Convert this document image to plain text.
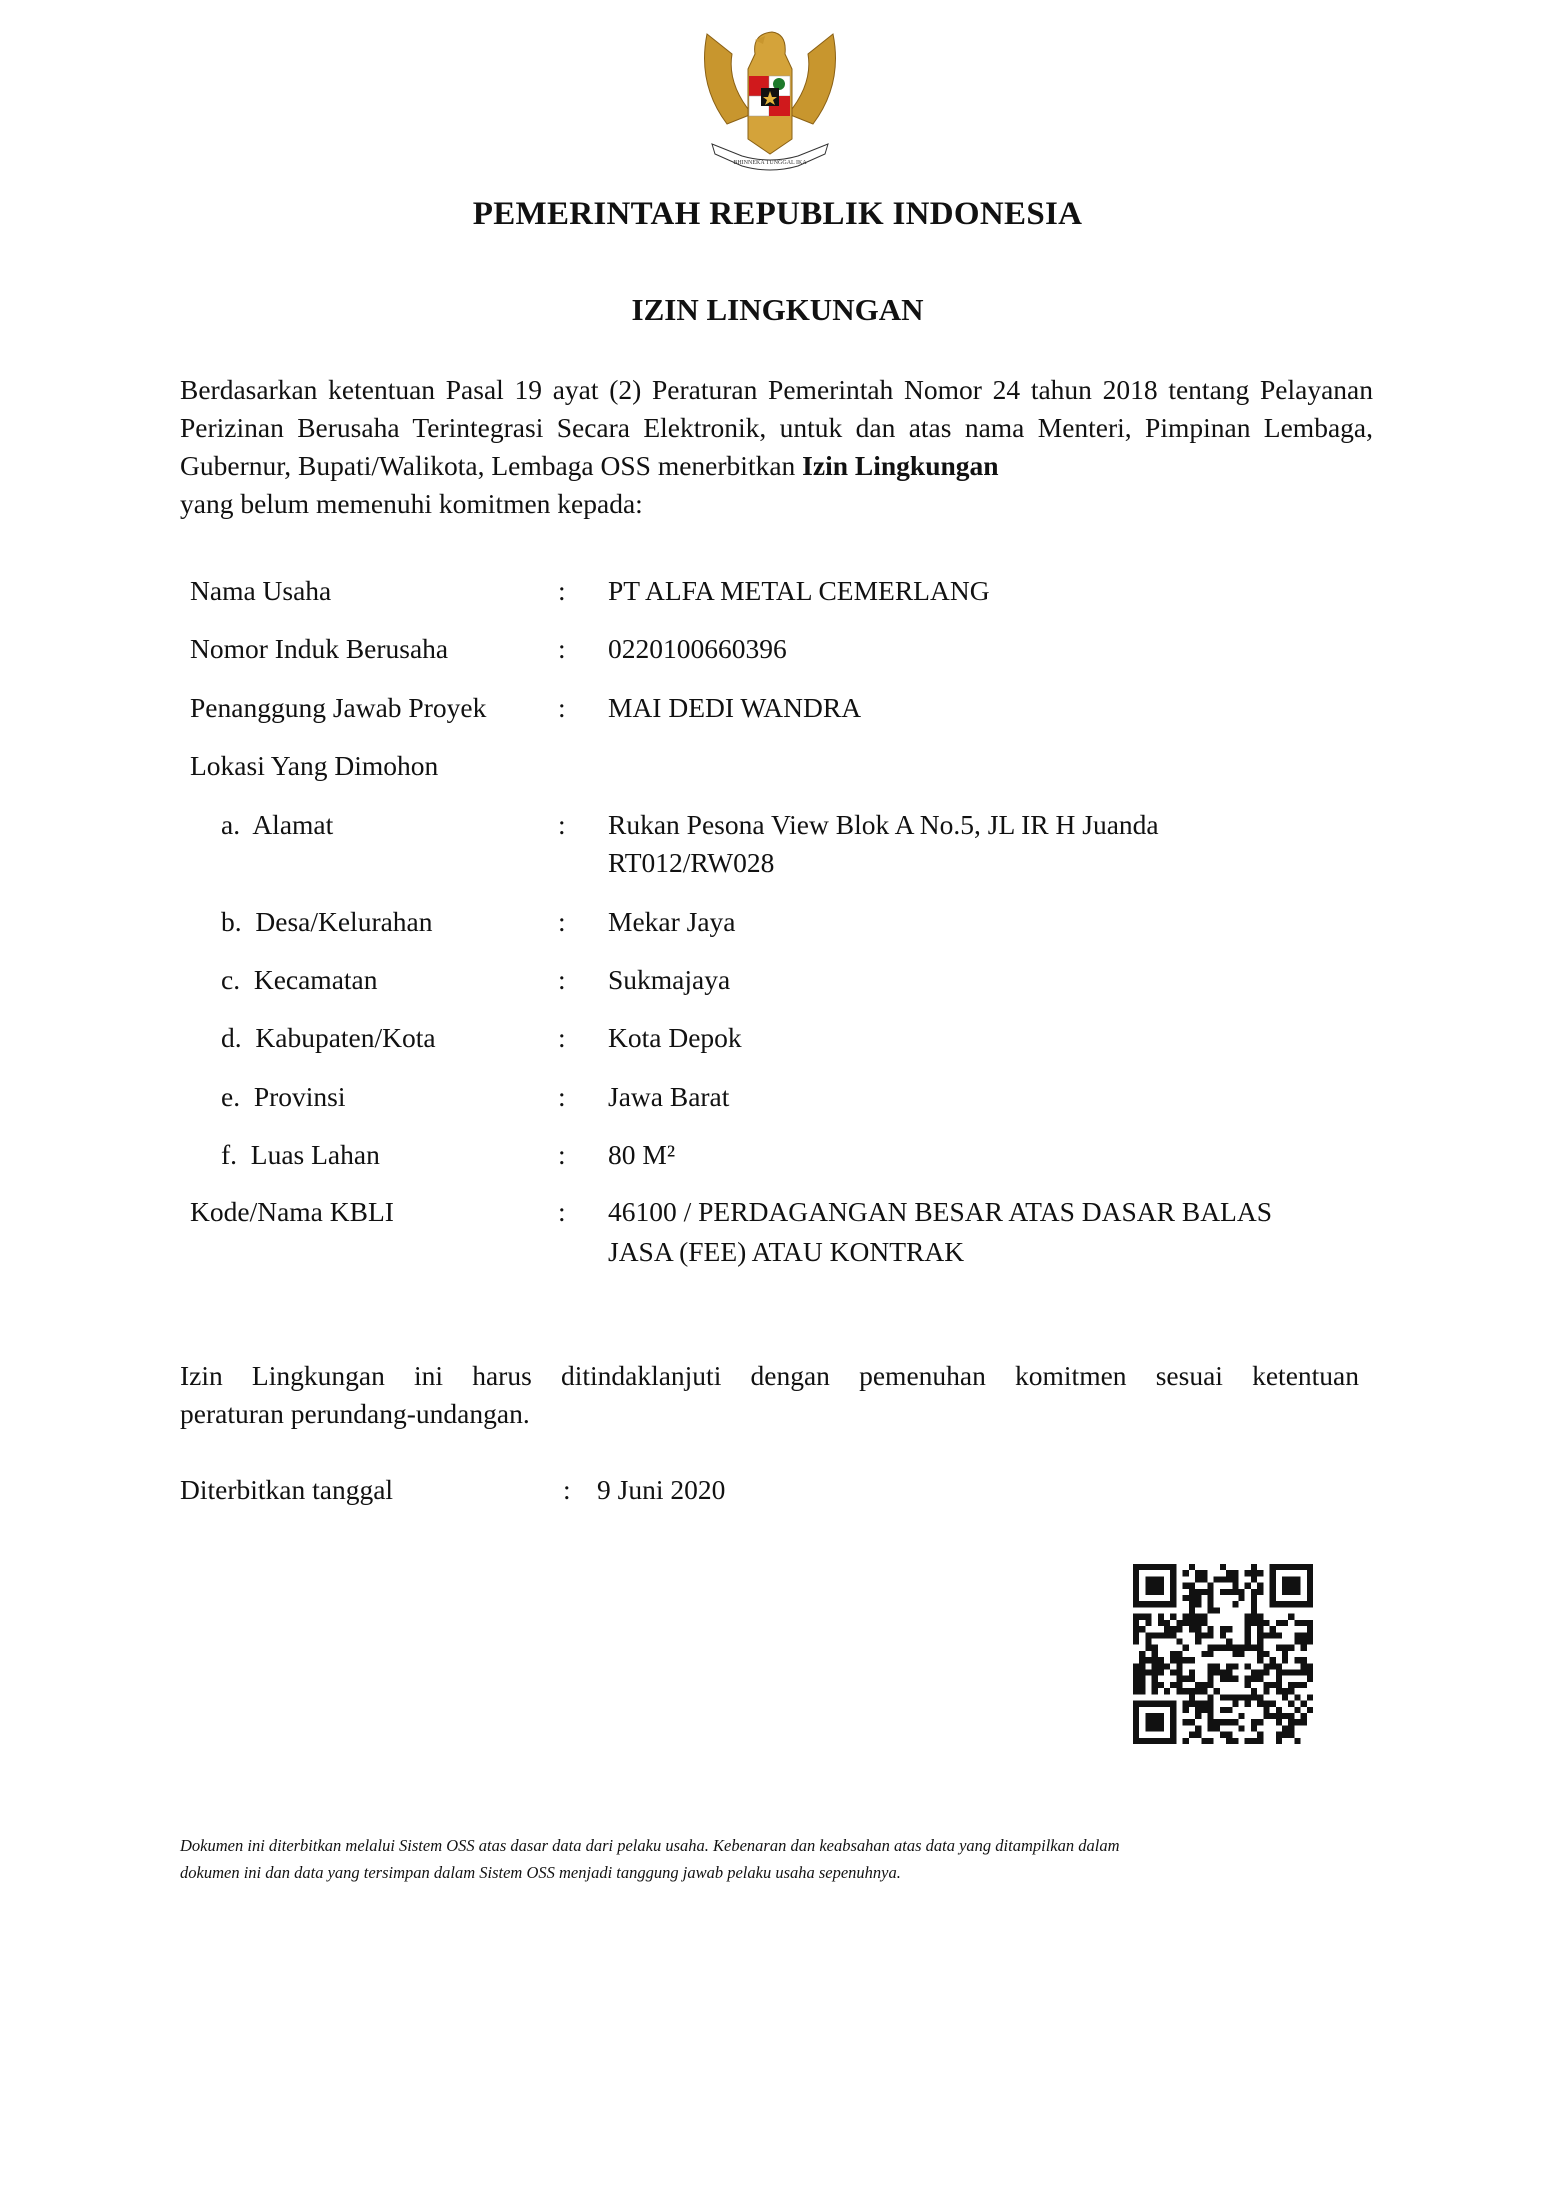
BHINNEKA TUNGGAL IKA
PEMERINTAH REPUBLIK INDONESIA
IZIN LINGKUNGAN
Berdasarkan ketentuan Pasal 19 ayat (2) Peraturan Pemerintah Nomor 24 tahun 2018 tentang Pelayanan Perizinan Berusaha Terintegrasi Secara Elektronik, untuk dan atas nama Menteri, Pimpinan Lembaga, Gubernur, Bupati/Walikota, Lembaga OSS menerbitkan Izin Lingkungan
yang belum memenuhi komitmen kepada:
Nama Usaha	: PT ALFA METAL CEMERLANG
Nomor Induk Berusaha	: 0220100660396
Penanggung Jawab Proyek	: MAI DEDI WANDRA
Lokasi Yang Dimohon
a.  Alamat	: Rukan Pesona View Blok A No.5, JL IR H Juanda
RT012/RW028
b.  Desa/Kelurahan	: Mekar Jaya
c.  Kecamatan	: Sukmajaya
d.  Kabupaten/Kota	: Kota Depok
e.  Provinsi	: Jawa Barat
f.  Luas Lahan	: 80 M²
Kode/Nama KBLI	: 46100 / PERDAGANGAN BESAR ATAS DASAR BALAS
JASA (FEE) ATAU KONTRAK
Izin Lingkungan ini harus ditindaklanjuti dengan pemenuhan komitmen sesuai ketentuan
peraturan perundang-undangan.
Diterbitkan tanggal	: 9 Juni 2020
Dokumen ini diterbitkan melalui Sistem OSS atas dasar data dari pelaku usaha. Kebenaran dan keabsahan atas data yang ditampilkan dalam
dokumen ini dan data yang tersimpan dalam Sistem OSS menjadi tanggung jawab pelaku usaha sepenuhnya.
